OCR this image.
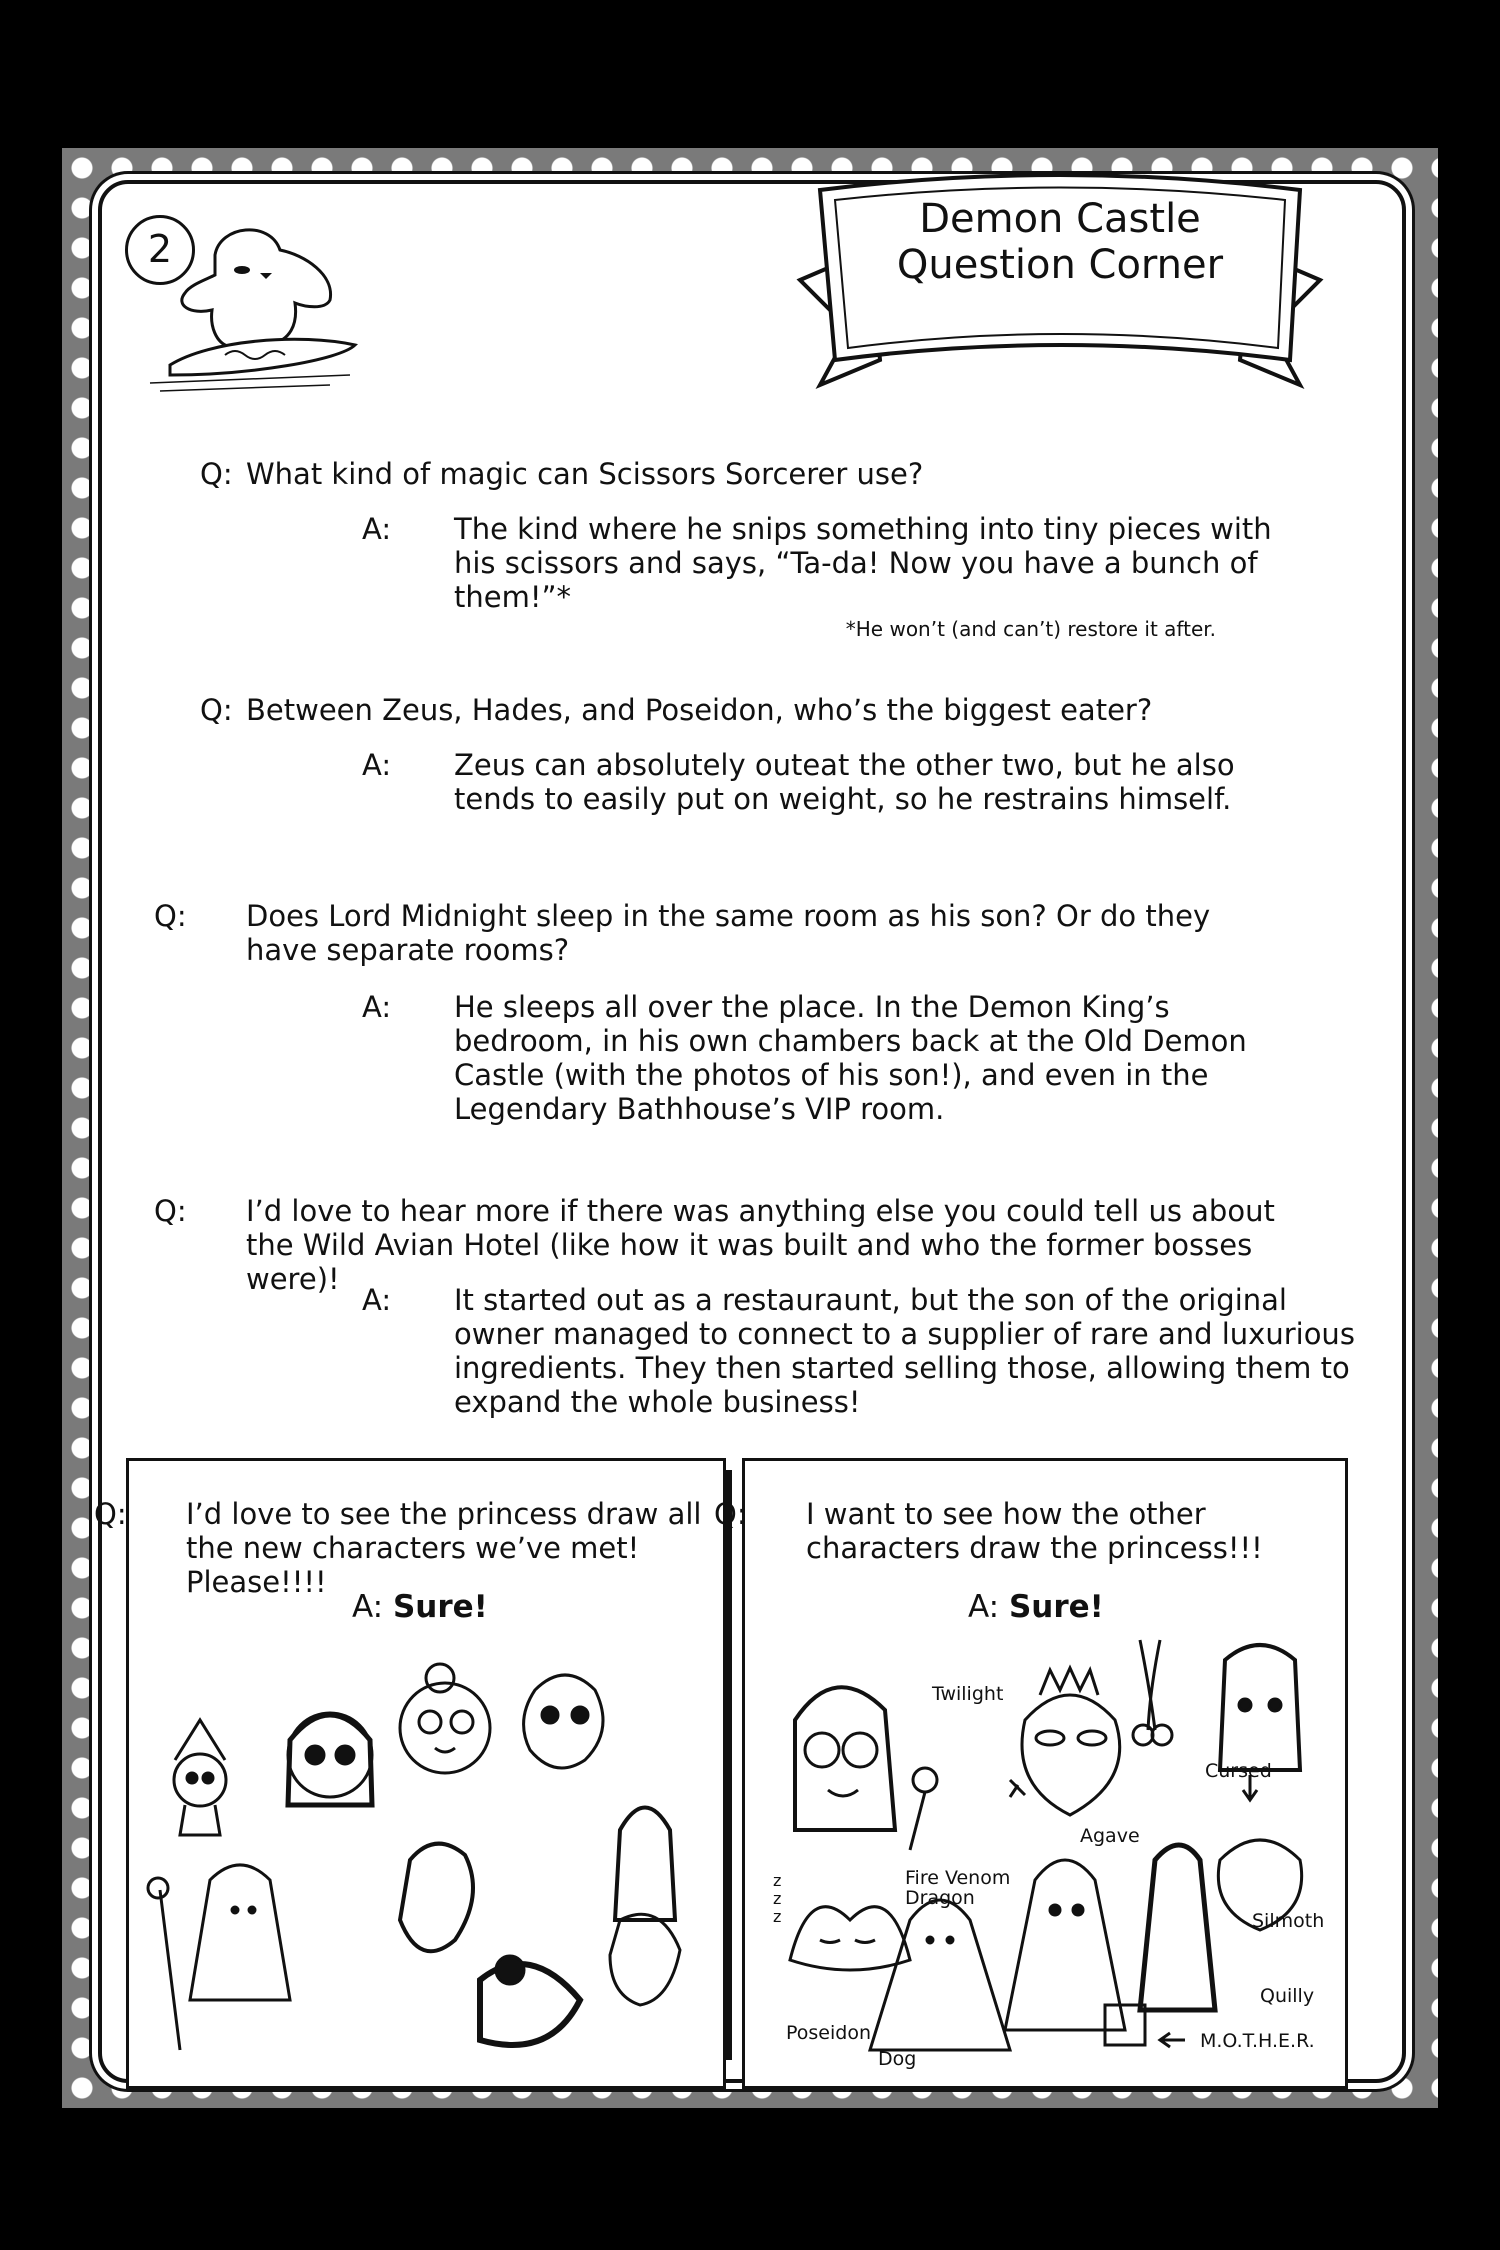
2
Demon Castle Question Corner
Q: What kind of magic can Scissors Sorcerer use?
A: The kind where he snips something into tiny pieces with his scissors and says, “Ta-da! Now you have a bunch of them!”*
*He won’t (and can’t) restore it after.
Q: Between Zeus, Hades, and Poseidon, who’s the biggest eater?
A: Zeus can absolutely outeat the other two, but he also tends to easily put on weight, so he restrains himself.
Q: Does Lord Midnight sleep in the same room as his son? Or do they have separate rooms?
A: He sleeps all over the place. In the Demon King’s bedroom, in his own chambers back at the Old Demon Castle (with the photos of his son!), and even in the Legendary Bathhouse’s VIP room.
Q: I’d love to hear more if there was anything else you could tell us about the Wild Avian Hotel (like how it was built and who the former bosses were)!
A: It started out as a restauraunt, but the son of the original owner managed to connect to a supplier of rare and luxurious ingredients. They then started selling those, allowing them to expand the whole business!
Q: I’d love to see the princess draw all the new characters we’ve met! Please!!!!
A: Sure!
Q: I want to see how the other characters draw the princess!!!
A: Sure!
Twilight
Cursed
Agave
Fire Venom Dragon
Silmoth
Quilly
Poseidon
Dog
M.O.T.H.E.R.
z z z
